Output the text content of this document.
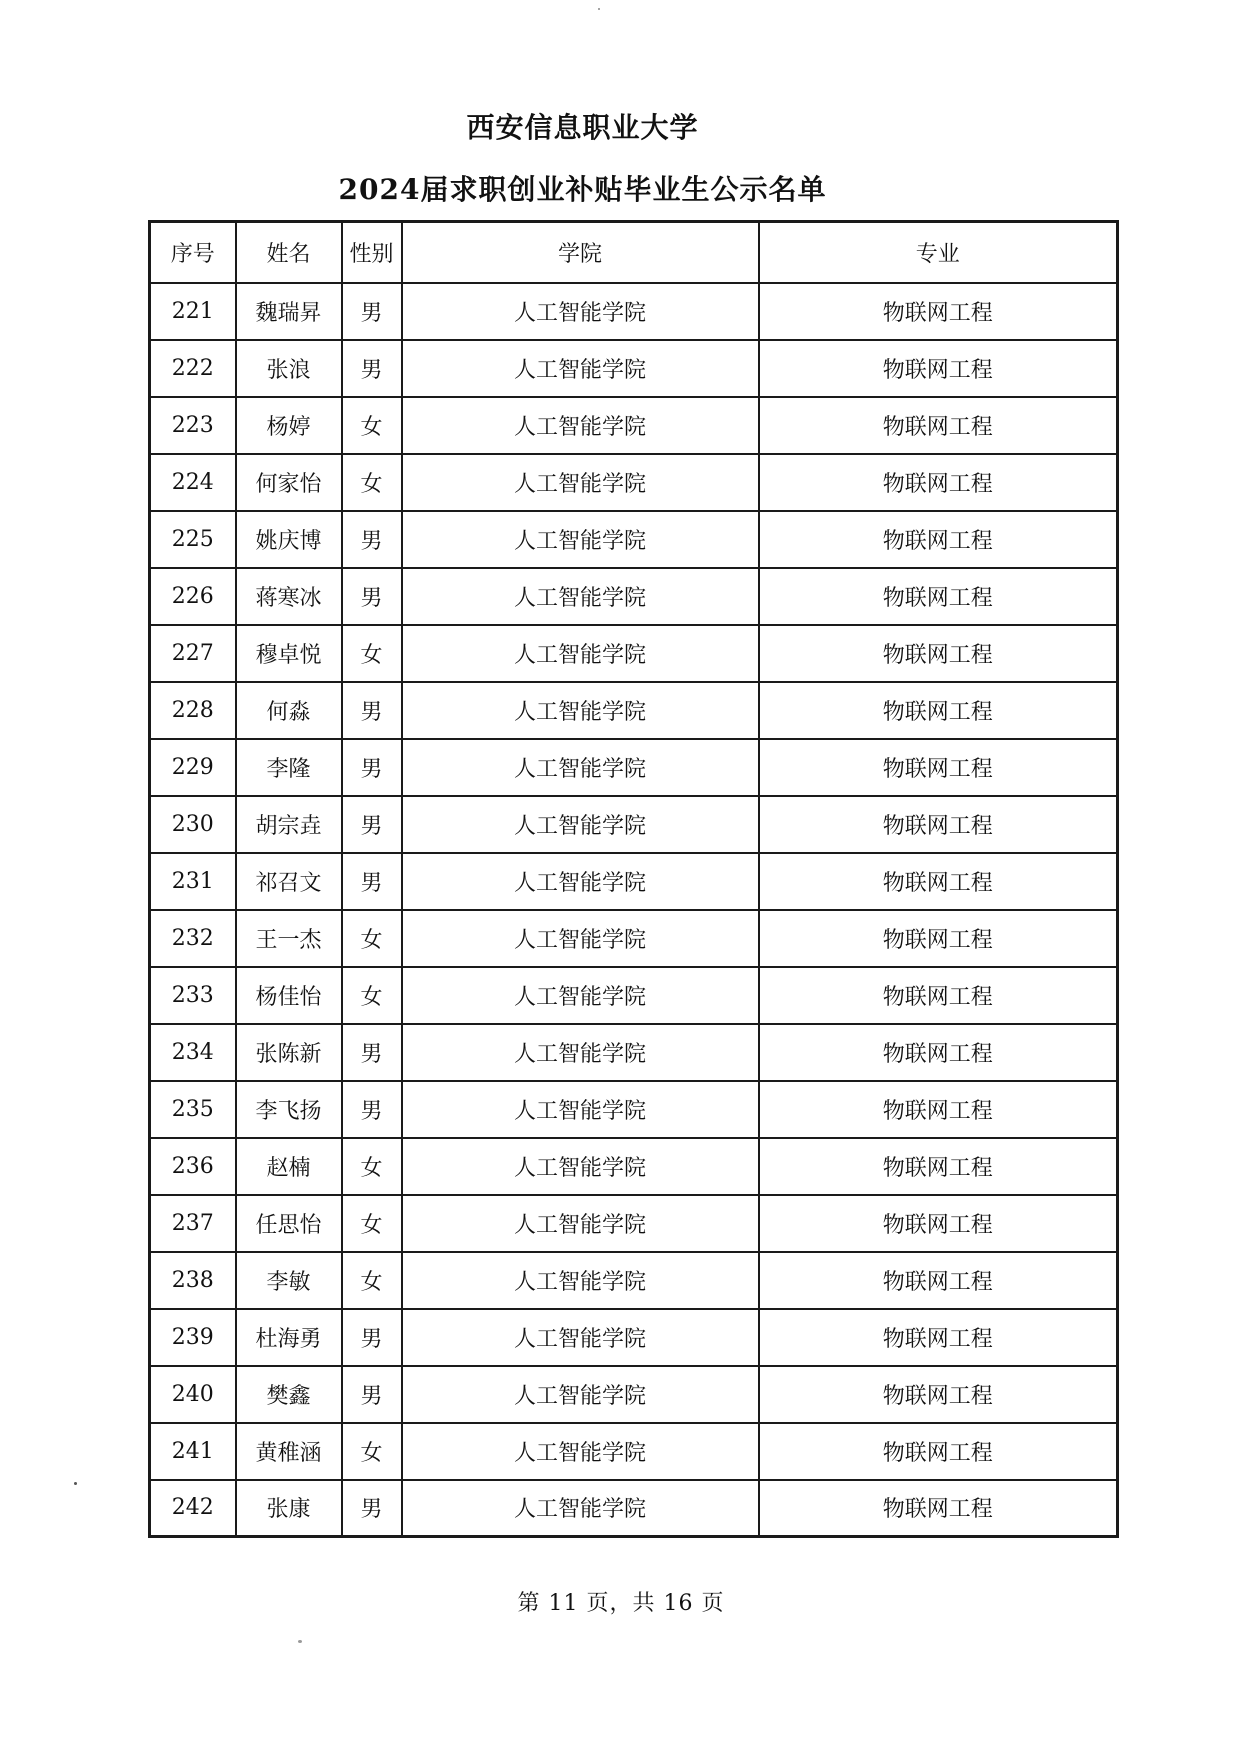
西安信息职业大学
2024届求职创业补贴毕业生公示名单
序号	姓名	性别	学院	专业
221	魏瑞昇	男	人工智能学院	物联网工程
222	张浪	男	人工智能学院	物联网工程
223	杨婷	女	人工智能学院	物联网工程
224	何家怡	女	人工智能学院	物联网工程
225	姚庆博	男	人工智能学院	物联网工程
226	蒋寒冰	男	人工智能学院	物联网工程
227	穆卓悦	女	人工智能学院	物联网工程
228	何淼	男	人工智能学院	物联网工程
229	李隆	男	人工智能学院	物联网工程
230	胡宗垚	男	人工智能学院	物联网工程
231	祁召文	男	人工智能学院	物联网工程
232	王一杰	女	人工智能学院	物联网工程
233	杨佳怡	女	人工智能学院	物联网工程
234	张陈新	男	人工智能学院	物联网工程
235	李飞扬	男	人工智能学院	物联网工程
236	赵楠	女	人工智能学院	物联网工程
237	任思怡	女	人工智能学院	物联网工程
238	李敏	女	人工智能学院	物联网工程
239	杜海勇	男	人工智能学院	物联网工程
240	樊鑫	男	人工智能学院	物联网工程
241	黄稚涵	女	人工智能学院	物联网工程
242	张康	男	人工智能学院	物联网工程
第 11 页，共 16 页
